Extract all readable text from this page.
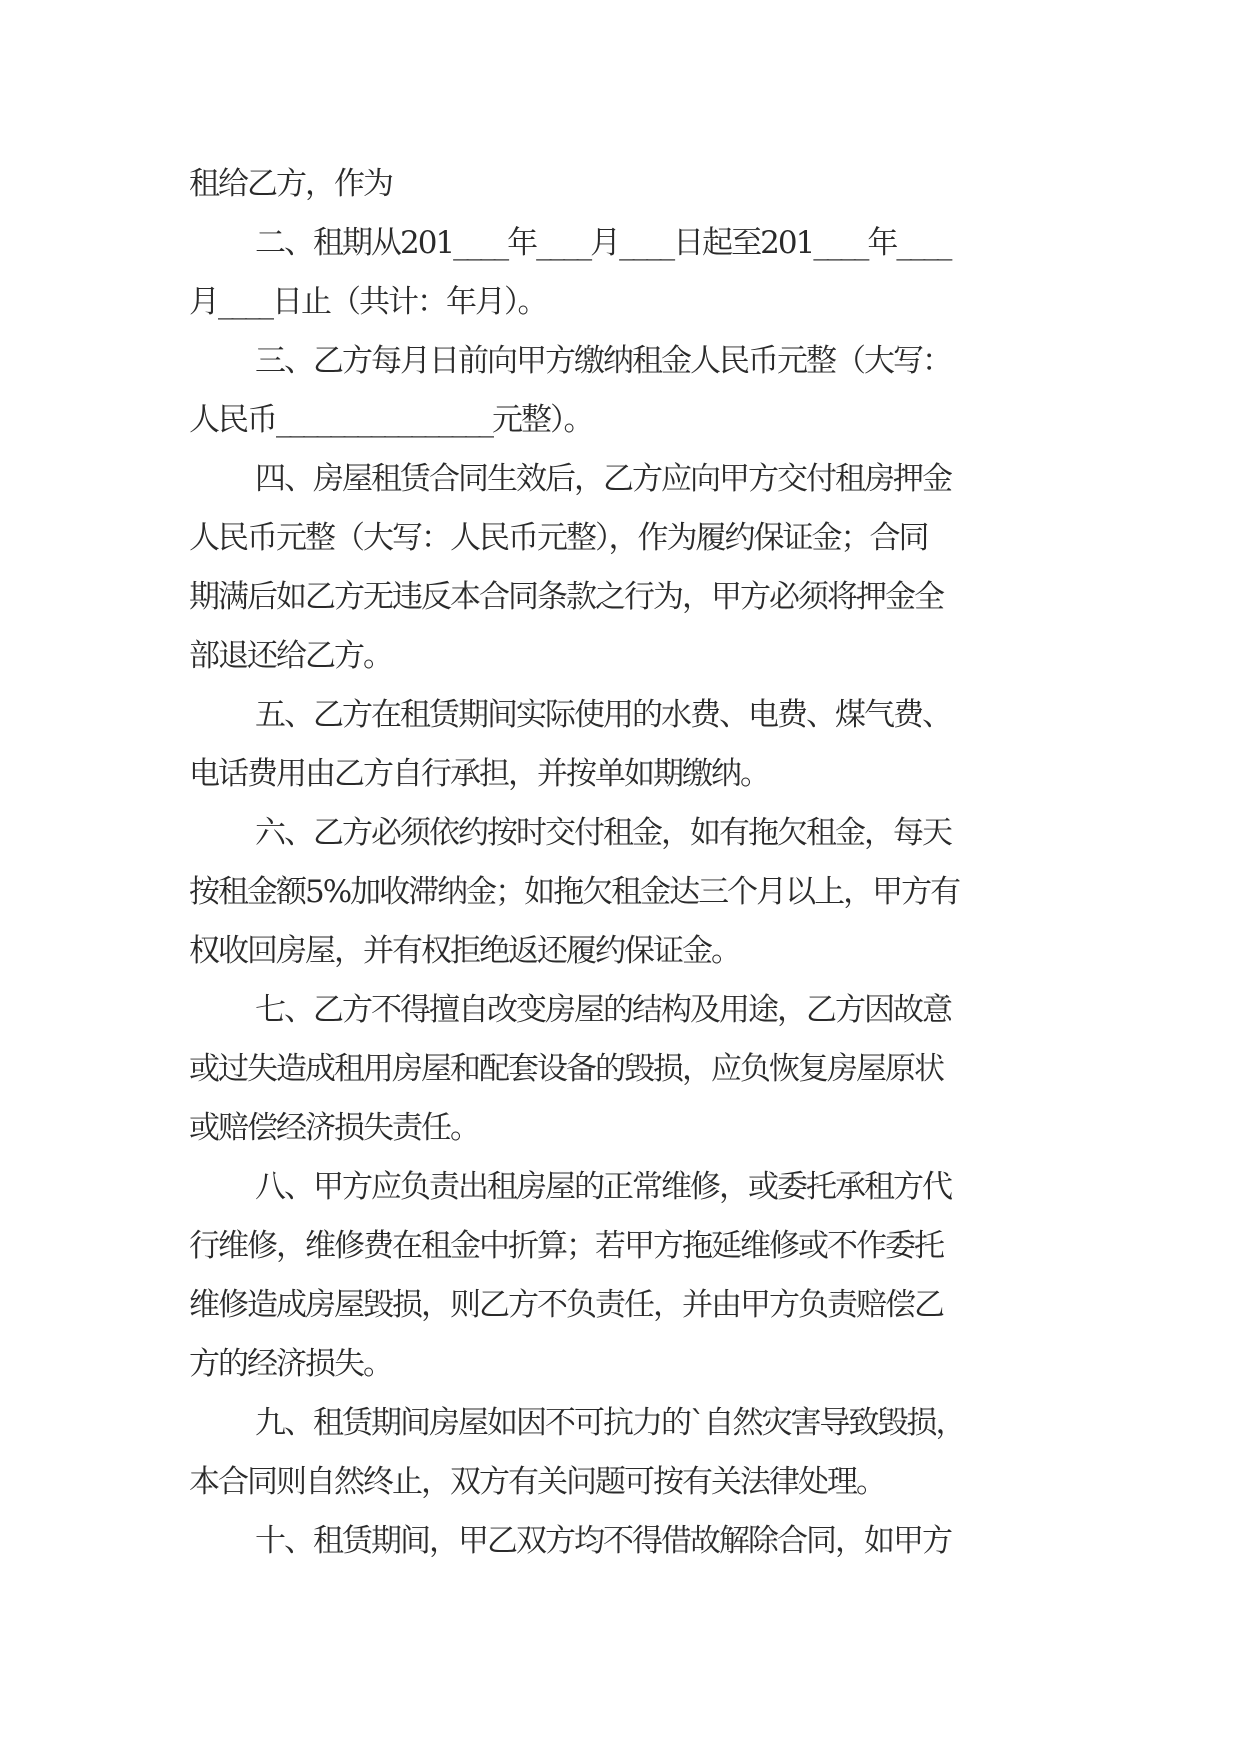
租给乙方，作为
二、租期从201____年____月____日起至201____年____
月____日止（共计：年月）。
三、乙方每月日前向甲方缴纳租金人民币元整（大写：
人民币________________元整）。
四、房屋租赁合同生效后，乙方应向甲方交付租房押金
人民币元整（大写：人民币元整），作为履约保证金；合同
期满后如乙方无违反本合同条款之行为，甲方必须将押金全
部退还给乙方。
五、乙方在租赁期间实际使用的水费、电费、煤气费、
电话费用由乙方自行承担，并按单如期缴纳。
六、乙方必须依约按时交付租金，如有拖欠租金，每天
按租金额5%加收滞纳金；如拖欠租金达三个月以上，甲方有
权收回房屋，并有权拒绝返还履约保证金。
七、乙方不得擅自改变房屋的结构及用途，乙方因故意
或过失造成租用房屋和配套设备的毁损，应负恢复房屋原状
或赔偿经济损失责任。
八、甲方应负责出租房屋的正常维修，或委托承租方代
行维修，维修费在租金中折算；若甲方拖延维修或不作委托
维修造成房屋毁损，则乙方不负责任，并由甲方负责赔偿乙
方的经济损失。
九、租赁期间房屋如因不可抗力的`自然灾害导致毁损，
本合同则自然终止，双方有关问题可按有关法律处理。
十、租赁期间，甲乙双方均不得借故解除合同，如甲方
